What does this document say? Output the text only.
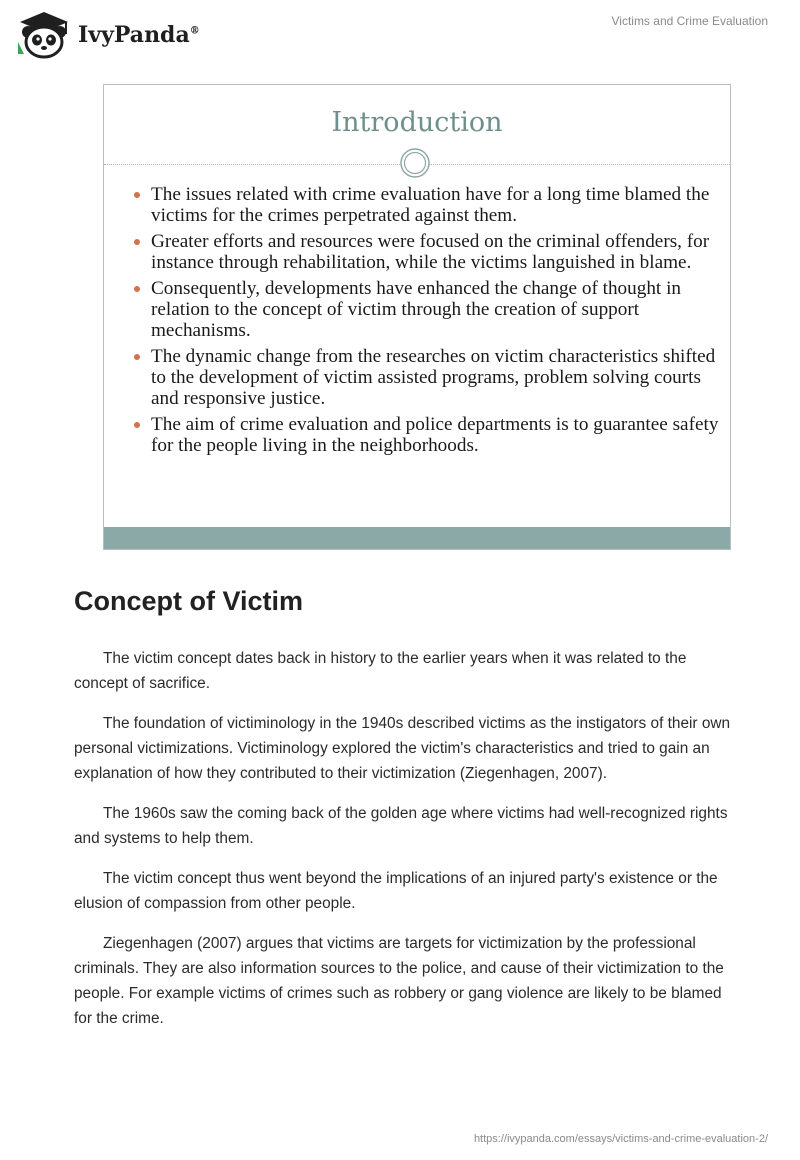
IvyPanda®
Victims and Crime Evaluation
Introduction
The issues related with crime evaluation have for a long time blamed the victims for the crimes perpetrated against them.
Greater efforts and resources were focused on the criminal offenders, for instance through rehabilitation, while the victims languished in blame.
Consequently, developments have enhanced the change of thought in relation to the concept of victim through the creation of support mechanisms.
The dynamic change from the researches on victim characteristics shifted to the development of victim assisted programs, problem solving courts and responsive justice.
The aim of crime evaluation and police departments is to guarantee safety for the people living in the neighborhoods.
Concept of Victim

The victim concept dates back in history to the earlier years when it was related to the concept of sacrifice.

The foundation of victiminology in the 1940s described victims as the instigators of their own personal victimizations. Victiminology explored the victim's characteristics and tried to gain an explanation of how they contributed to their victimization (Ziegenhagen, 2007).

The 1960s saw the coming back of the golden age where victims had well-recognized rights and systems to help them.

The victim concept thus went beyond the implications of an injured party's existence or the elusion of compassion from other people.

Ziegenhagen (2007) argues that victims are targets for victimization by the professional criminals. They are also information sources to the police, and cause of their victimization to the people. For example victims of crimes such as robbery or gang violence are likely to be blamed for the crime.

https://ivypanda.com/essays/victims-and-crime-evaluation-2/
